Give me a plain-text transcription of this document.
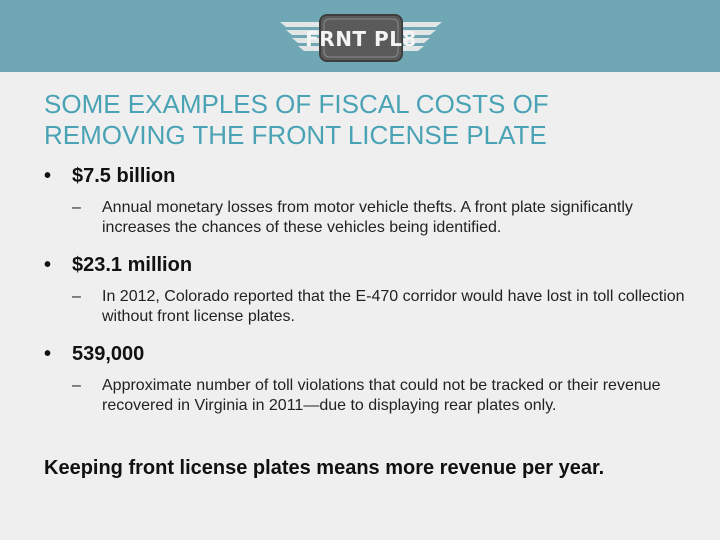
FRNT PL8
SOME EXAMPLES OF FISCAL COSTS OF
REMOVING THE FRONT LICENSE PLATE
• $7.5 billion
– Annual monetary losses from motor vehicle thefts. A front plate significantly increases the chances of these vehicles being identified.
• $23.1 million
– In 2012, Colorado reported that the E-470 corridor would have lost in toll collection without front license plates.
• 539,000
– Approximate number of toll violations that could not be tracked or their revenue recovered in Virginia in 2011—due to displaying rear plates only.
Keeping front license plates means more revenue per year.
